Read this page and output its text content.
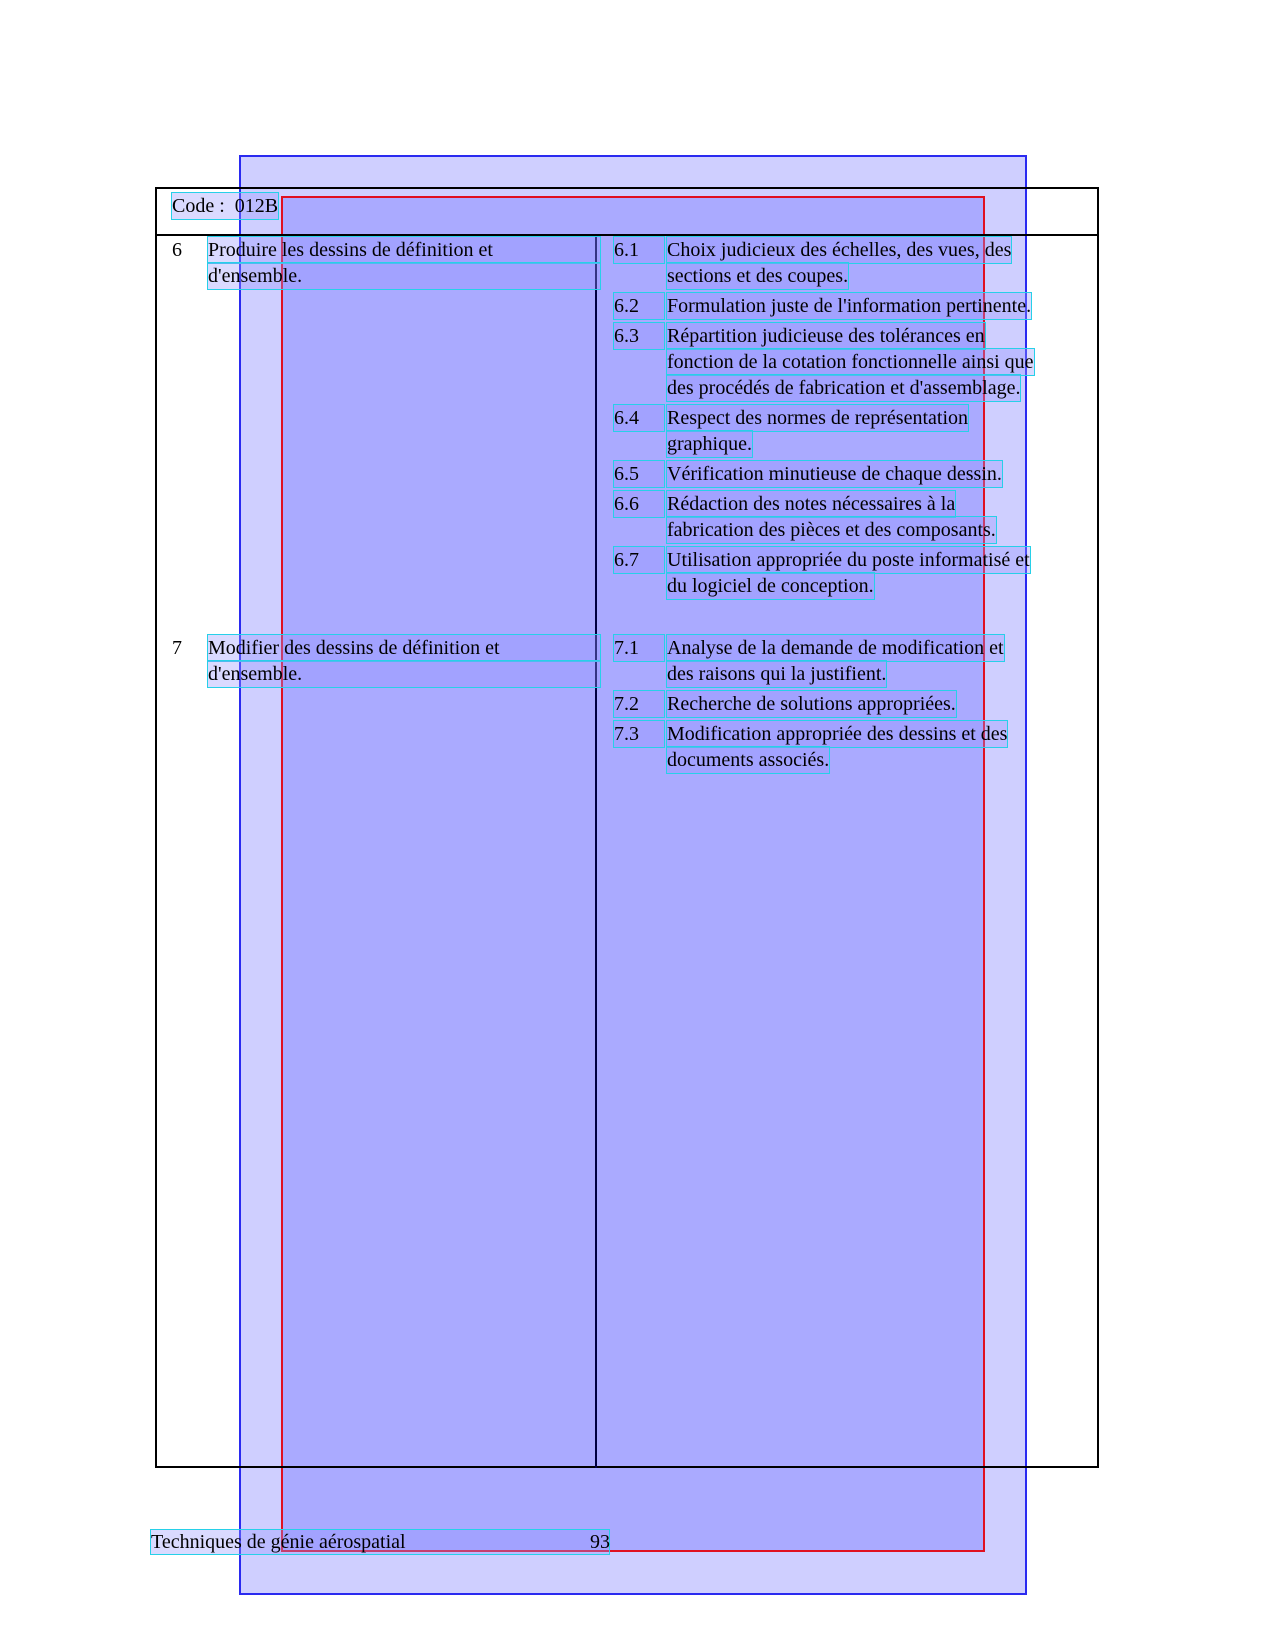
Code : 012B
6 Produire les dessins de définition et
d'ensemble.
6.1	Choix judicieux des échelles, des vues, des
sections et des coupes.
6.2	Formulation juste de l'information pertinente.
6.3	Répartition judicieuse des tolérances en
fonction de la cotation fonctionnelle ainsi que
des procédés de fabrication et d'assemblage.
6.4	Respect des normes de représentation
graphique.
6.5	Vérification minutieuse de chaque dessin.
6.6	Rédaction des notes nécessaires à la
fabrication des pièces et des composants.
6.7	Utilisation appropriée du poste informatisé et
du logiciel de conception.
7 Modifier des dessins de définition et
d'ensemble.
7.1	Analyse de la demande de modification et
des raisons qui la justifient.
7.2	Recherche de solutions appropriées.
7.3	Modification appropriée des dessins et des
documents associés.
Techniques de génie aérospatial	93
